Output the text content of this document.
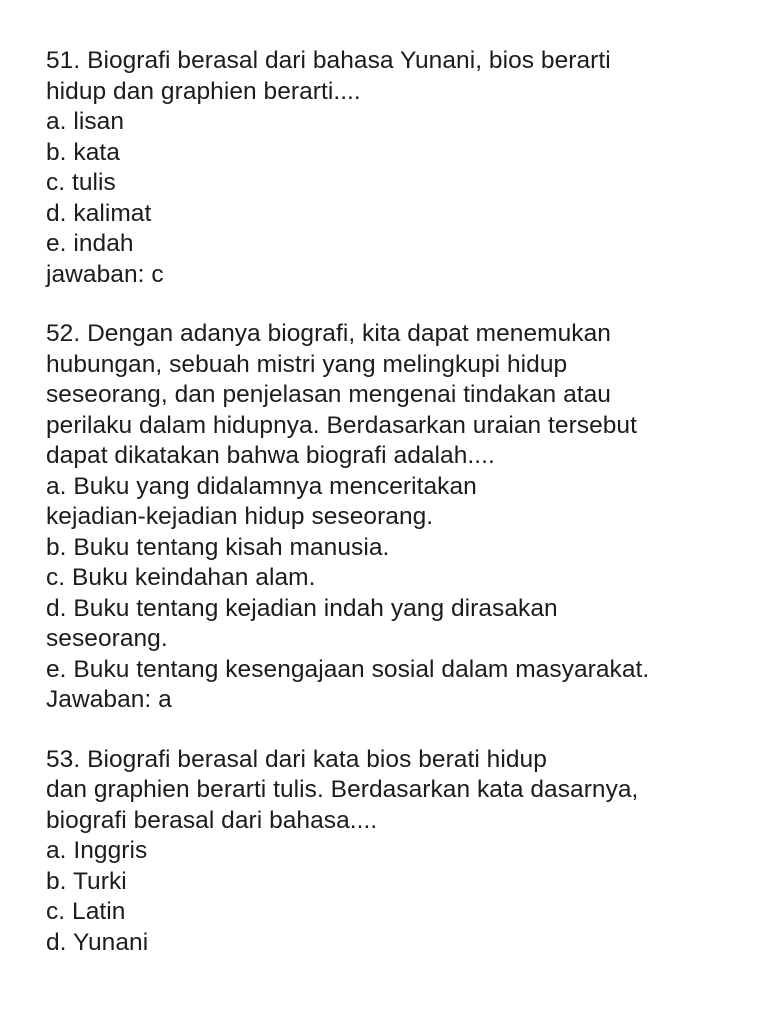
51. Biografi berasal dari bahasa Yunani, bios berarti
hidup dan graphien berarti....
a. lisan
b. kata
c. tulis
d. kalimat
e. indah
jawaban: c
52. Dengan adanya biografi, kita dapat menemukan
hubungan, sebuah mistri yang melingkupi hidup
seseorang, dan penjelasan mengenai tindakan atau
perilaku dalam hidupnya. Berdasarkan uraian tersebut
dapat dikatakan bahwa biografi adalah....
a. Buku yang didalamnya menceritakan
kejadian-kejadian hidup seseorang.
b. Buku tentang kisah manusia.
c. Buku keindahan alam.
d. Buku tentang kejadian indah yang dirasakan
seseorang.
e. Buku tentang kesengajaan sosial dalam masyarakat.
Jawaban: a
53. Biografi berasal dari kata bios berati hidup
dan graphien berarti tulis. Berdasarkan kata dasarnya,
biografi berasal dari bahasa....
a. Inggris
b. Turki
c. Latin
d. Yunani
